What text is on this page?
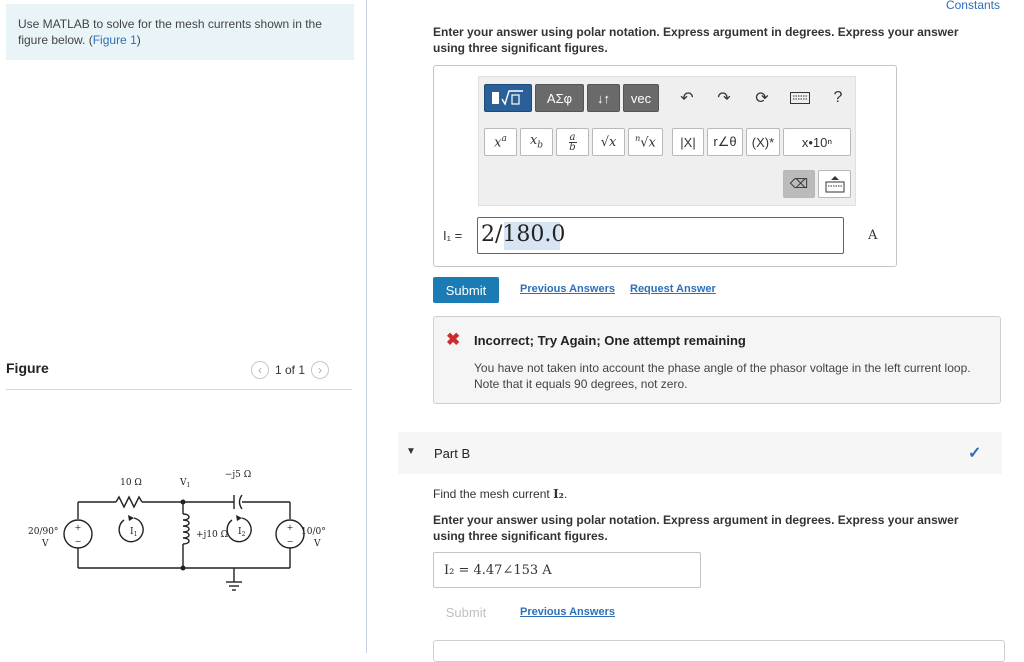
Use MATLAB to solve for the mesh currents shown in the figure below. (Figure 1)

Figure	‹	1 of 1	›
+
−
+
−
10 Ω
−j5 Ω
$V_1$
+j10 Ω
20/90°
V
10/0°
V
$I_1$	$I_2$
Constants
Enter your answer using polar notation. Express argument in degrees. Express your answer using three significant figures.
ΑΣφ	↓↑	vec	↶	↷	⟳	?
$x^a$ $x_b$
a
b √x $^n$√x	|X|	r∠θ	(X)*	x•10ⁿ
⌫
I₁ = 2/180.0	A
Submit	Previous Answers Request Answer
✖ Incorrect; Try Again; One attempt remaining
You have not taken into account the phase angle of the phasor voltage in the left current loop. Note that it equals 90 degrees, not zero.
▼ Part B	✓
Find the mesh current I₂.
Enter your answer using polar notation. Express argument in degrees. Express your answer using three significant figures.
I₂ = 4.47∠153 A
Submit	Previous Answers
